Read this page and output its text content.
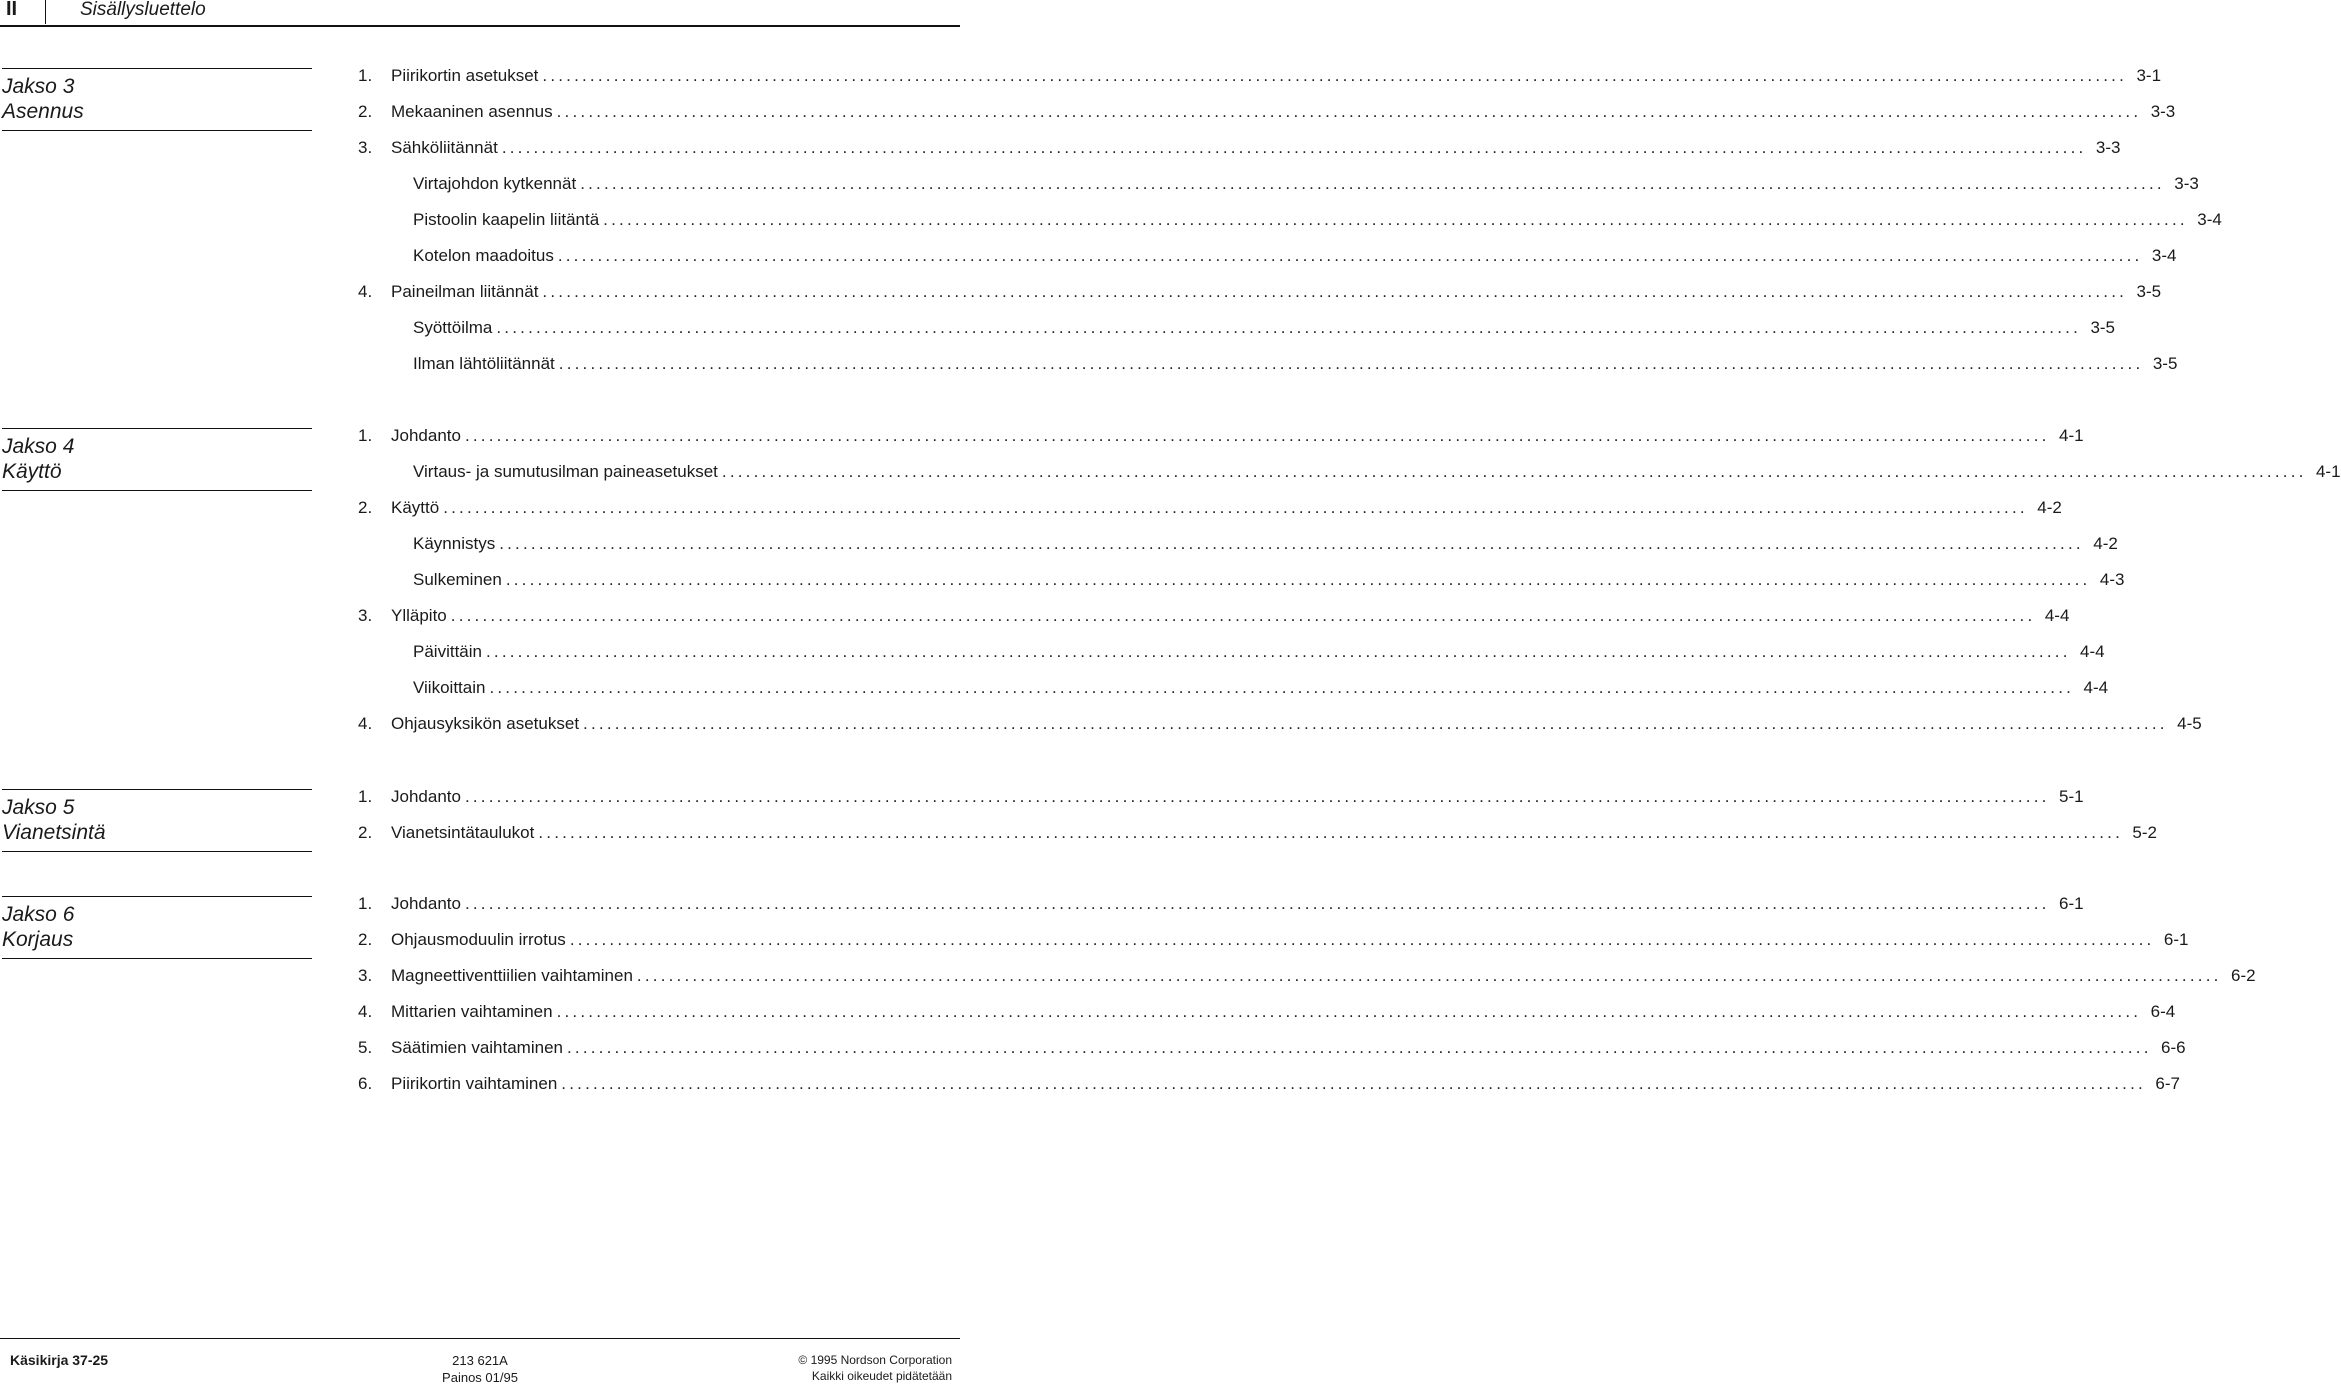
II	Sisällysluettelo
Jakso 3
Asennus
1.	Piirikortin asetukset ........................................................................................................................................................................................................ 3-1
2.	Mekaaninen asennus ........................................................................................................................................................................................................ 3-3
3.	Sähköliitännät ........................................................................................................................................................................................................ 3-3
Virtajohdon kytkennät ........................................................................................................................................................................................................ 3-3
Pistoolin kaapelin liitäntä ........................................................................................................................................................................................................ 3-4
Kotelon maadoitus ........................................................................................................................................................................................................ 3-4
4.	Paineilman liitännät ........................................................................................................................................................................................................ 3-5
Syöttöilma ........................................................................................................................................................................................................ 3-5
Ilman lähtöliitännät ........................................................................................................................................................................................................ 3-5
Jakso 4
Käyttö
1.	Johdanto ........................................................................................................................................................................................................ 4-1
Virtaus- ja sumutusilman paineasetukset ........................................................................................................................................................................................................ 4-1
2.	Käyttö ........................................................................................................................................................................................................ 4-2
Käynnistys ........................................................................................................................................................................................................ 4-2
Sulkeminen ........................................................................................................................................................................................................ 4-3
3.	Ylläpito ........................................................................................................................................................................................................ 4-4
Päivittäin ........................................................................................................................................................................................................ 4-4
Viikoittain ........................................................................................................................................................................................................ 4-4
4.	Ohjausyksikön asetukset ........................................................................................................................................................................................................ 4-5
Jakso 5
Vianetsintä
1.	Johdanto ........................................................................................................................................................................................................ 5-1
2.	Vianetsintätaulukot ........................................................................................................................................................................................................ 5-2
Jakso 6
Korjaus
1.	Johdanto ........................................................................................................................................................................................................ 6-1
2.	Ohjausmoduulin irrotus ........................................................................................................................................................................................................ 6-1
3.	Magneettiventtiilien vaihtaminen ........................................................................................................................................................................................................ 6-2
4.	Mittarien vaihtaminen ........................................................................................................................................................................................................ 6-4
5.	Säätimien vaihtaminen ........................................................................................................................................................................................................ 6-6
6.	Piirikortin vaihtaminen ........................................................................................................................................................................................................ 6-7
Käsikirja 37-25	213 621A
Painos 01/95
© 1995 Nordson Corporation
Kaikki oikeudet pidätetään
